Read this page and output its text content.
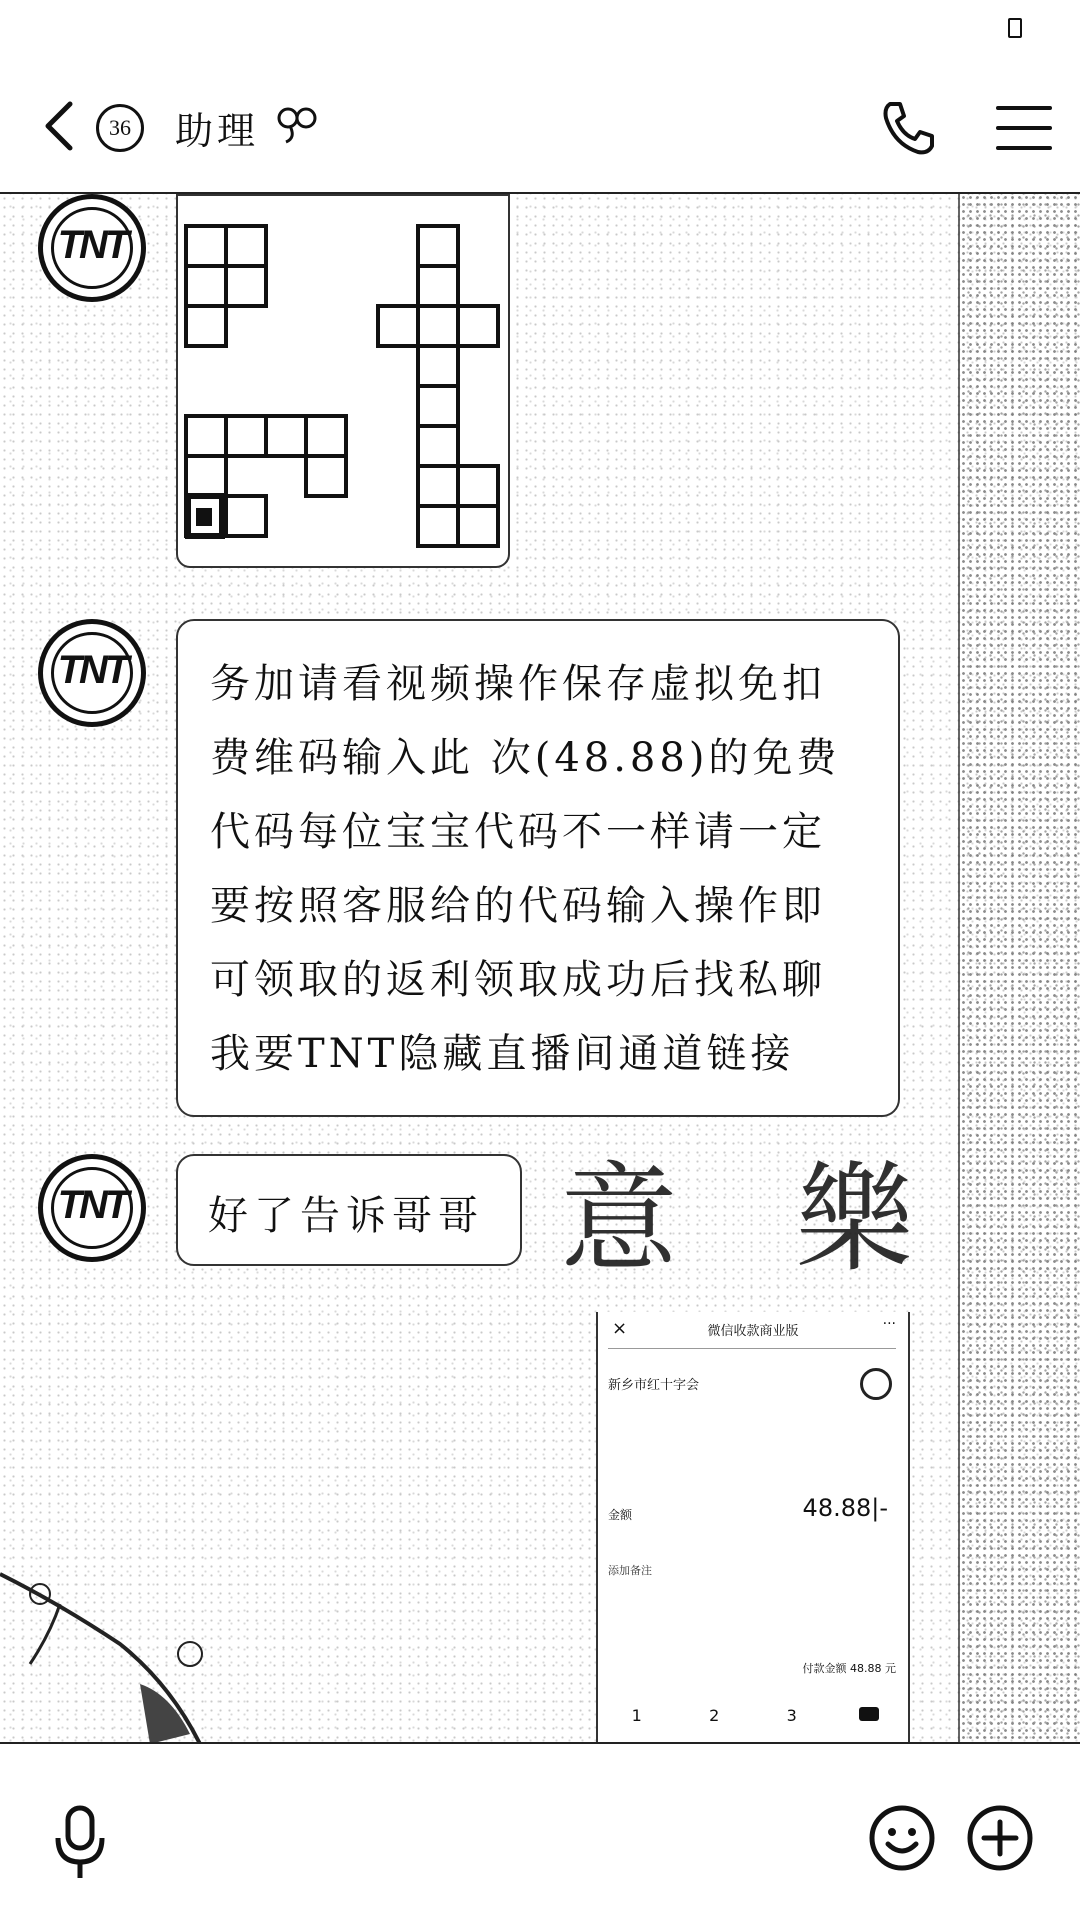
36	助理
意 樂
TNT
TNT	务加请看视频操作保存虚拟免扣费维码输入此 次(48.88)的免费代码每位宝宝代码不一样请一定要按照客服给的代码输入操作即可领取的返利领取成功后找私聊我要TNT隐藏直播间通道链接
TNT	好了告诉哥哥
×	微信收款商业版	···
新乡市红十字会
金额	48.88|-
添加备注
付款金额 48.88 元
1	2	3
